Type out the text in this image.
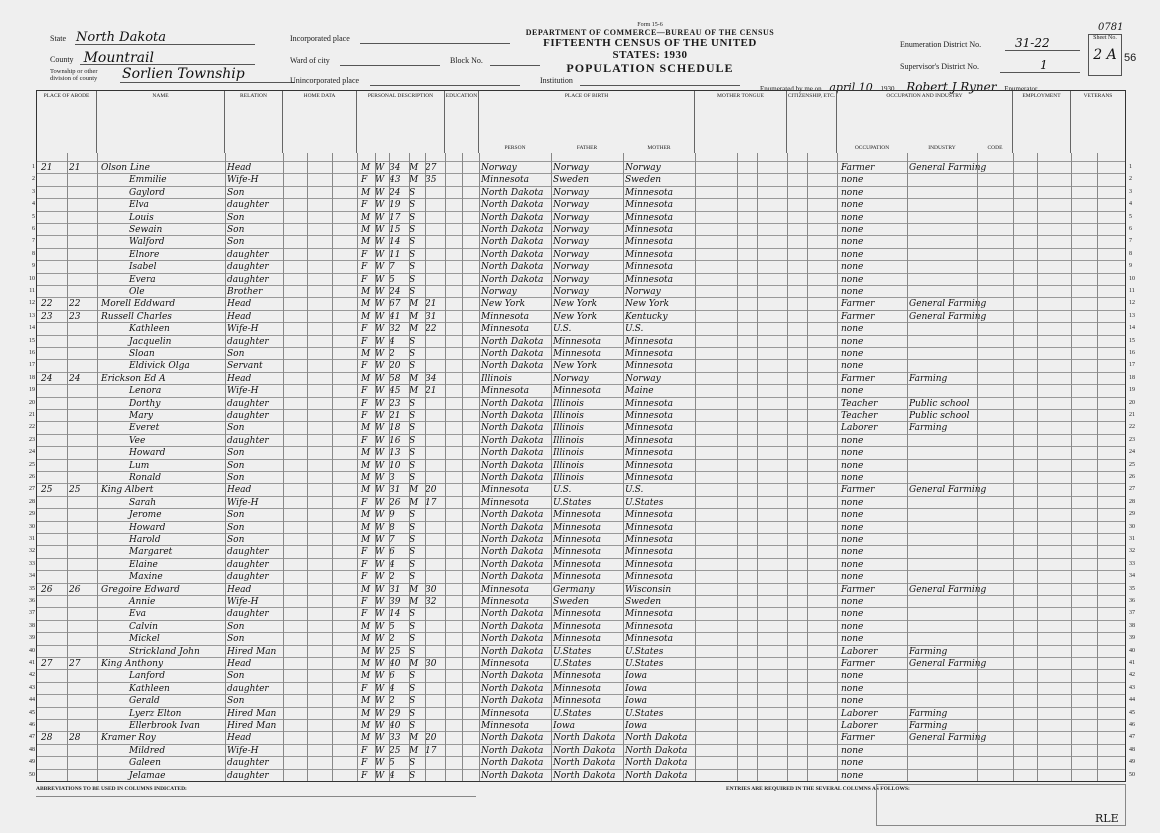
State North Dakota
County Mountrail
Township or other division of county	Sorlien Township
Incorporated place
Ward of city	Block No.
Unincorporated place	Institution
Form 15-6
DEPARTMENT OF COMMERCE—BUREAU OF THE CENSUS
FIFTEENTH CENSUS OF THE UNITED STATES: 1930
POPULATION SCHEDULE
Enumeration District No.	31-22
Supervisor's District No.	1
Sheet No.
2 A 56
0781
Enumerated by me on april 10 1930 Robert J Ryner Enumerator.
PLACE OF ABODE	NAME	RELATION	HOME DATA	PERSONAL DESCRIPTION	EDUCATION	PLACE OF BIRTH
PERSON	FATHER	MOTHER
MOTHER TONGUE	CITIZENSHIP, ETC.	OCCUPATION AND INDUSTRY
OCCUPATION	INDUSTRY	CODE
EMPLOYMENT	VETERANS
1 21	21	Olson Line	Head	M W 34 M 27	Norway	Norway	Norway	Farmer	General Farming	1
2	Emmilie	Wife-H	F W 43 M 35	Minnesota	Sweden	Sweden	none	2
3	Gaylord	Son	M W 24 S	North Dakota	Norway	Minnesota	none	3
4	Elva	daughter	F W 19 S	North Dakota	Norway	Minnesota	none	4
5	Louis	Son	M W 17 S	North Dakota	Norway	Minnesota	none	5
6	Sewain	Son	M W 15 S	North Dakota	Norway	Minnesota	none	6
7	Walford	Son	M W 14 S	North Dakota	Norway	Minnesota	none	7
8	Elnore	daughter	F W 11 S	North Dakota	Norway	Minnesota	none	8
9	Isabel	daughter	F W 7	S	North Dakota	Norway	Minnesota	none	9
10	Evera	daughter	F W 5	S	North Dakota	Norway	Minnesota	none	10
11	Ole	Brother	M W 24 S	Norway	Norway	Norway	none	11
12 22	22	Morell Eddward	Head	M W 67 M 21	New York	New York	New York	Farmer	General Farming	12
13 23	23	Russell Charles	Head	M W 41 M 31	Minnesota	New York	Kentucky	Farmer	General Farming	13
14	Kathleen	Wife-H	F W 32 M 22	Minnesota	U.S.	U.S.	none	14
15	Jacquelin	daughter	F W 4	S	North Dakota	Minnesota	Minnesota	none	15
16	Sloan	Son	M W 2	S	North Dakota	Minnesota	Minnesota	none	16
17	Eldivick Olga	Servant	F W 20 S	North Dakota	New York	Minnesota	none	17
18 24	24	Erickson Ed A	Head	M W 58 M 34	Illinois	Norway	Norway	Farmer	Farming	18
19	Lenora	Wife-H	F W 45 M 21	Minnesota	Minnesota	Maine	none	19
20	Dorthy	daughter	F W 23 S	North Dakota	Illinois	Minnesota	Teacher	Public school	20
21	Mary	daughter	F W 21 S	North Dakota	Illinois	Minnesota	Teacher	Public school	21
22	Everet	Son	M W 18 S	North Dakota	Illinois	Minnesota	Laborer	Farming	22
23	Vee	daughter	F W 16 S	North Dakota	Illinois	Minnesota	none	23
24	Howard	Son	M W 13 S	North Dakota	Illinois	Minnesota	none	24
25	Lum	Son	M W 10 S	North Dakota	Illinois	Minnesota	none	25
26	Ronald	Son	M W 3	S	North Dakota	Illinois	Minnesota	none	26
27 25	25	King Albert	Head	M W 31 M 20	Minnesota	U.S.	U.S.	Farmer	General Farming	27
28	Sarah	Wife-H	F W 26 M 17	Minnesota	U.States	U.States	none	28
29	Jerome	Son	M W 9	S	North Dakota	Minnesota	Minnesota	none	29
30	Howard	Son	M W 8	S	North Dakota	Minnesota	Minnesota	none	30
31	Harold	Son	M W 7	S	North Dakota	Minnesota	Minnesota	none	31
32	Margaret	daughter	F W 6	S	North Dakota	Minnesota	Minnesota	none	32
33	Elaine	daughter	F W 4	S	North Dakota	Minnesota	Minnesota	none	33
34	Maxine	daughter	F W 2	S	North Dakota	Minnesota	Minnesota	none	34
35 26	26	Gregoire Edward	Head	M W 31 M 30	Minnesota	Germany	Wisconsin	Farmer	General Farming	35
36	Annie	Wife-H	F W 39 M 32	Minnesota	Sweden	Sweden	none	36
37	Eva	daughter	F W 14 S	North Dakota	Minnesota	Minnesota	none	37
38	Calvin	Son	M W 5	S	North Dakota	Minnesota	Minnesota	none	38
39	Mickel	Son	M W 2	S	North Dakota	Minnesota	Minnesota	none	39
40	Strickland John	Hired Man	M W 25 S	North Dakota	U.States	U.States	Laborer	Farming	40
41 27	27	King Anthony	Head	M W 40 M 30	Minnesota	U.States	U.States	Farmer	General Farming	41
42	Lanford	Son	M W 6	S	North Dakota	Minnesota	Iowa	none	42
43	Kathleen	daughter	F W 4	S	North Dakota	Minnesota	Iowa	none	43
44	Gerald	Son	M W 2	S	North Dakota	Minnesota	Iowa	none	44
45	Lyerz Elton	Hired Man	M W 29 S	Minnesota	U.States	U.States	Laborer	Farming	45
46	Ellerbrook Ivan	Hired Man	M W 40 S	Minnesota	Iowa	Iowa	Laborer	Farming	46
47 28	28	Kramer Roy	Head	M W 33 M 20	North Dakota	North Dakota	North Dakota	Farmer	General Farming	47
48	Mildred	Wife-H	F W 25 M 17	North Dakota	North Dakota	North Dakota	none	48
49	Galeen	daughter	F W 5	S	North Dakota	North Dakota	North Dakota	none	49
50	Jelamae	daughter	F W 4	S	North Dakota	North Dakota	North Dakota	none	50
ABBREVIATIONS TO BE USED IN COLUMNS INDICATED:	ENTRIES ARE REQUIRED IN THE SEVERAL COLUMNS AS FOLLOWS:
RLE
